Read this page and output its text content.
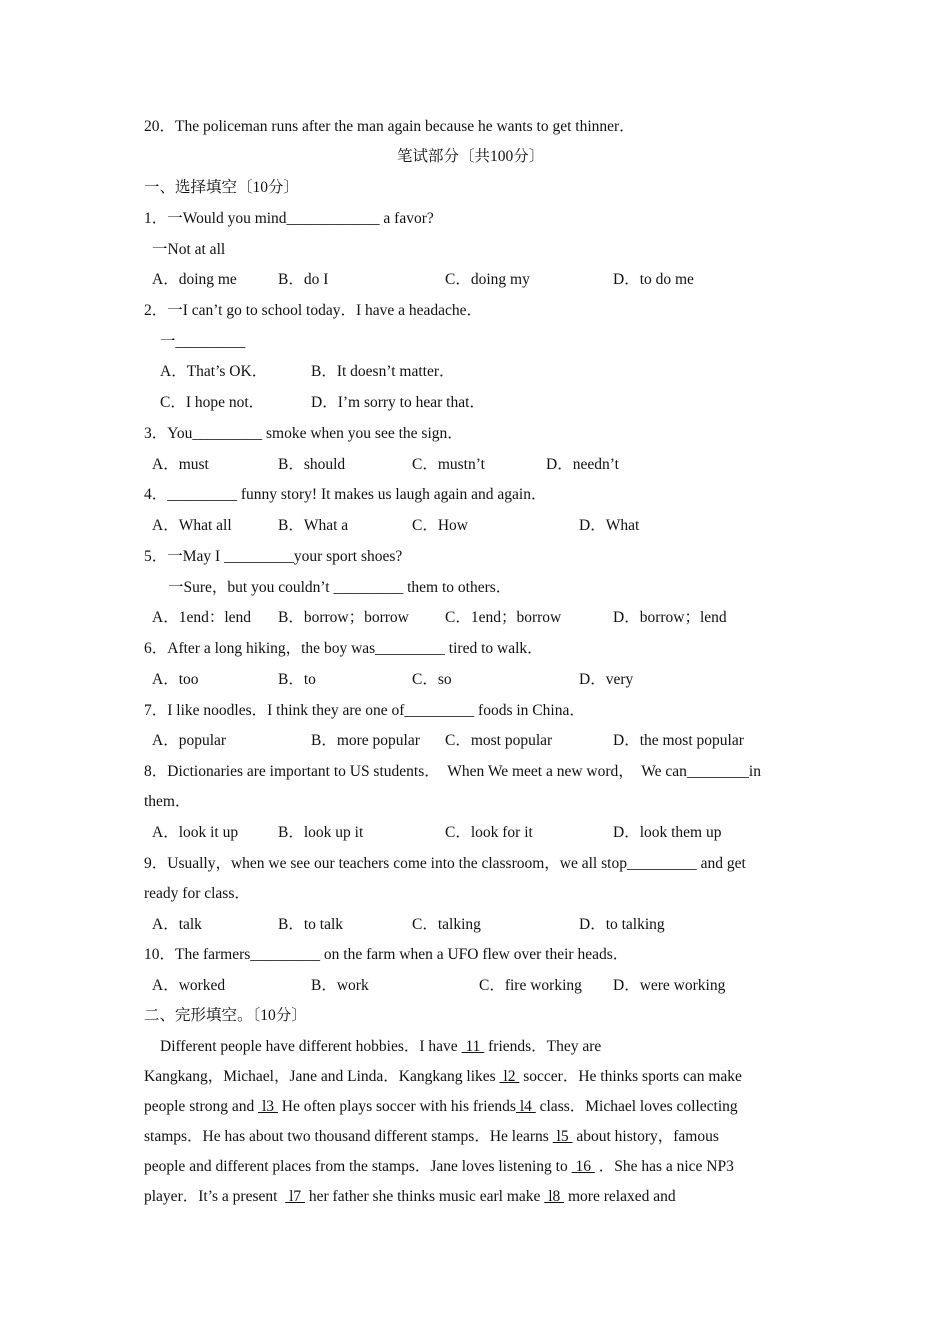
20．The policeman runs after the man again because he wants to get thinner．
笔试部分〔共100分〕
一、选择填空〔10分〕
1．一Would you mind____________ a favor?
一Not at all
A．doing me	B．do I	C．doing my	D．to do me
2．一I can’t go to school today．I have a headache．
一_________
A．That’s OK．	B．It doesn’t matter．
C．I hope not．	D．I’m sorry to hear that．
3．You_________ smoke when you see the sign．
A．must	B．should	C．mustn’t	D．needn’t
4．_________ funny story! It makes us laugh again and again．
A．What all	B．What a	C．How	D．What
5．一May I _________your sport shoes?
一Sure，but you couldn’t _________ them to others．
A．1end：lend B．borrow；borrow C．1end；borrow	D．borrow；lend
6．After a long hiking，the boy was_________ tired to walk．
A．too	B．to	C．so	D．very
7．I like noodles．I think they are one of_________ foods in China．
A．popular	B．more popular C．most popular	D．the most popular
8．Dictionaries are important to US students．  When We meet a new word，  We can________in
them．
A．look it up	B．look up it	C．look for it	D．look them up
9．Usually，when we see our teachers come into the classroom，we all stop_________ and get
ready for class．
A．talk	B．to talk	C．talking	D．to talking
10．The farmers_________ on the farm when a UFO flew over their heads．
A．worked	B．work	C．fire working D．were working
二、完形填空。〔10分〕
Different people have different hobbies．I have  11  friends．They are
Kangkang，Michael，Jane and Linda．Kangkang likes  l2  soccer．He thinks sports can make
people strong and  l3  He often plays soccer with his friends l4  class．Michael loves collecting
stamps．He has about two thousand different stamps．He learns  l5  about history，famous
people and different places from the stamps．Jane loves listening to  16  ．She has a nice NP3
player．It’s a present   l7  her father she thinks music earl make  l8  more relaxed and
